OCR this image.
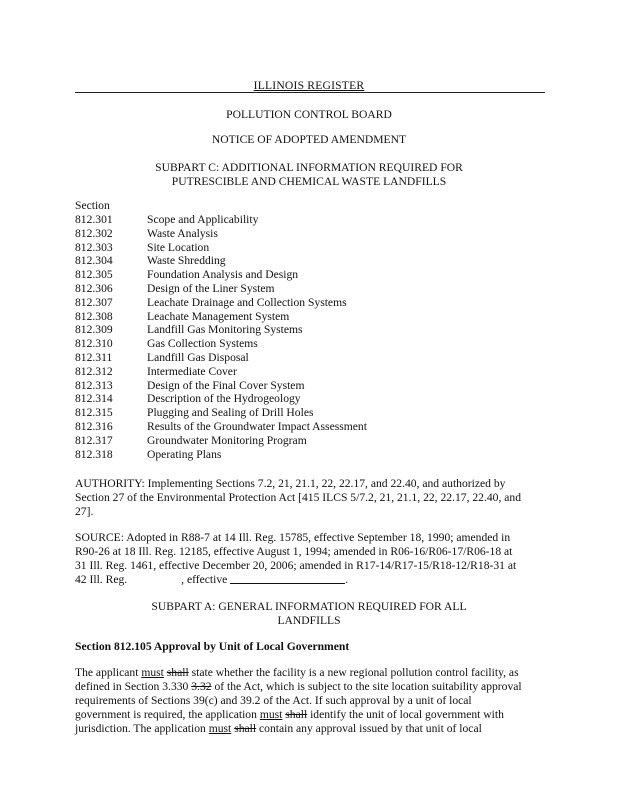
ILLINOIS REGISTER
POLLUTION CONTROL BOARD
NOTICE OF ADOPTED AMENDMENT
SUBPART C: ADDITIONAL INFORMATION REQUIRED FOR
PUTRESCIBLE AND CHEMICAL WASTE LANDFILLS
Section
812.301	Scope and Applicability
812.302	Waste Analysis
812.303	Site Location
812.304	Waste Shredding
812.305	Foundation Analysis and Design
812.306	Design of the Liner System
812.307	Leachate Drainage and Collection Systems
812.308	Leachate Management System
812.309	Landfill Gas Monitoring Systems
812.310	Gas Collection Systems
812.311	Landfill Gas Disposal
812.312	Intermediate Cover
812.313	Design of the Final Cover System
812.314	Description of the Hydrogeology
812.315	Plugging and Sealing of Drill Holes
812.316	Results of the Groundwater Impact Assessment
812.317	Groundwater Monitoring Program
812.318	Operating Plans
AUTHORITY: Implementing Sections 7.2, 21, 21.1, 22, 22.17, and 22.40, and authorized by
Section 27 of the Environmental Protection Act [415 ILCS 5/7.2, 21, 21.1, 22, 22.17, 22.40, and
27].
SOURCE: Adopted in R88-7 at 14 Ill. Reg. 15785, effective September 18, 1990; amended in
R90-26 at 18 Ill. Reg. 12185, effective August 1, 1994; amended in R06-16/R06-17/R06-18 at
31 Ill. Reg. 1461, effective December 20, 2006; amended in R17-14/R17-15/R18-12/R18-31 at
42 Ill. Reg.	, effective	.
SUBPART A: GENERAL INFORMATION REQUIRED FOR ALL
LANDFILLS
Section 812.105 Approval by Unit of Local Government
The applicant must shall state whether the facility is a new regional pollution control facility, as
defined in Section 3.330 3.32 of the Act, which is subject to the site location suitability approval
requirements of Sections 39(c) and 39.2 of the Act. If such approval by a unit of local
government is required, the application must shall identify the unit of local government with
jurisdiction. The application must shall contain any approval issued by that unit of local
